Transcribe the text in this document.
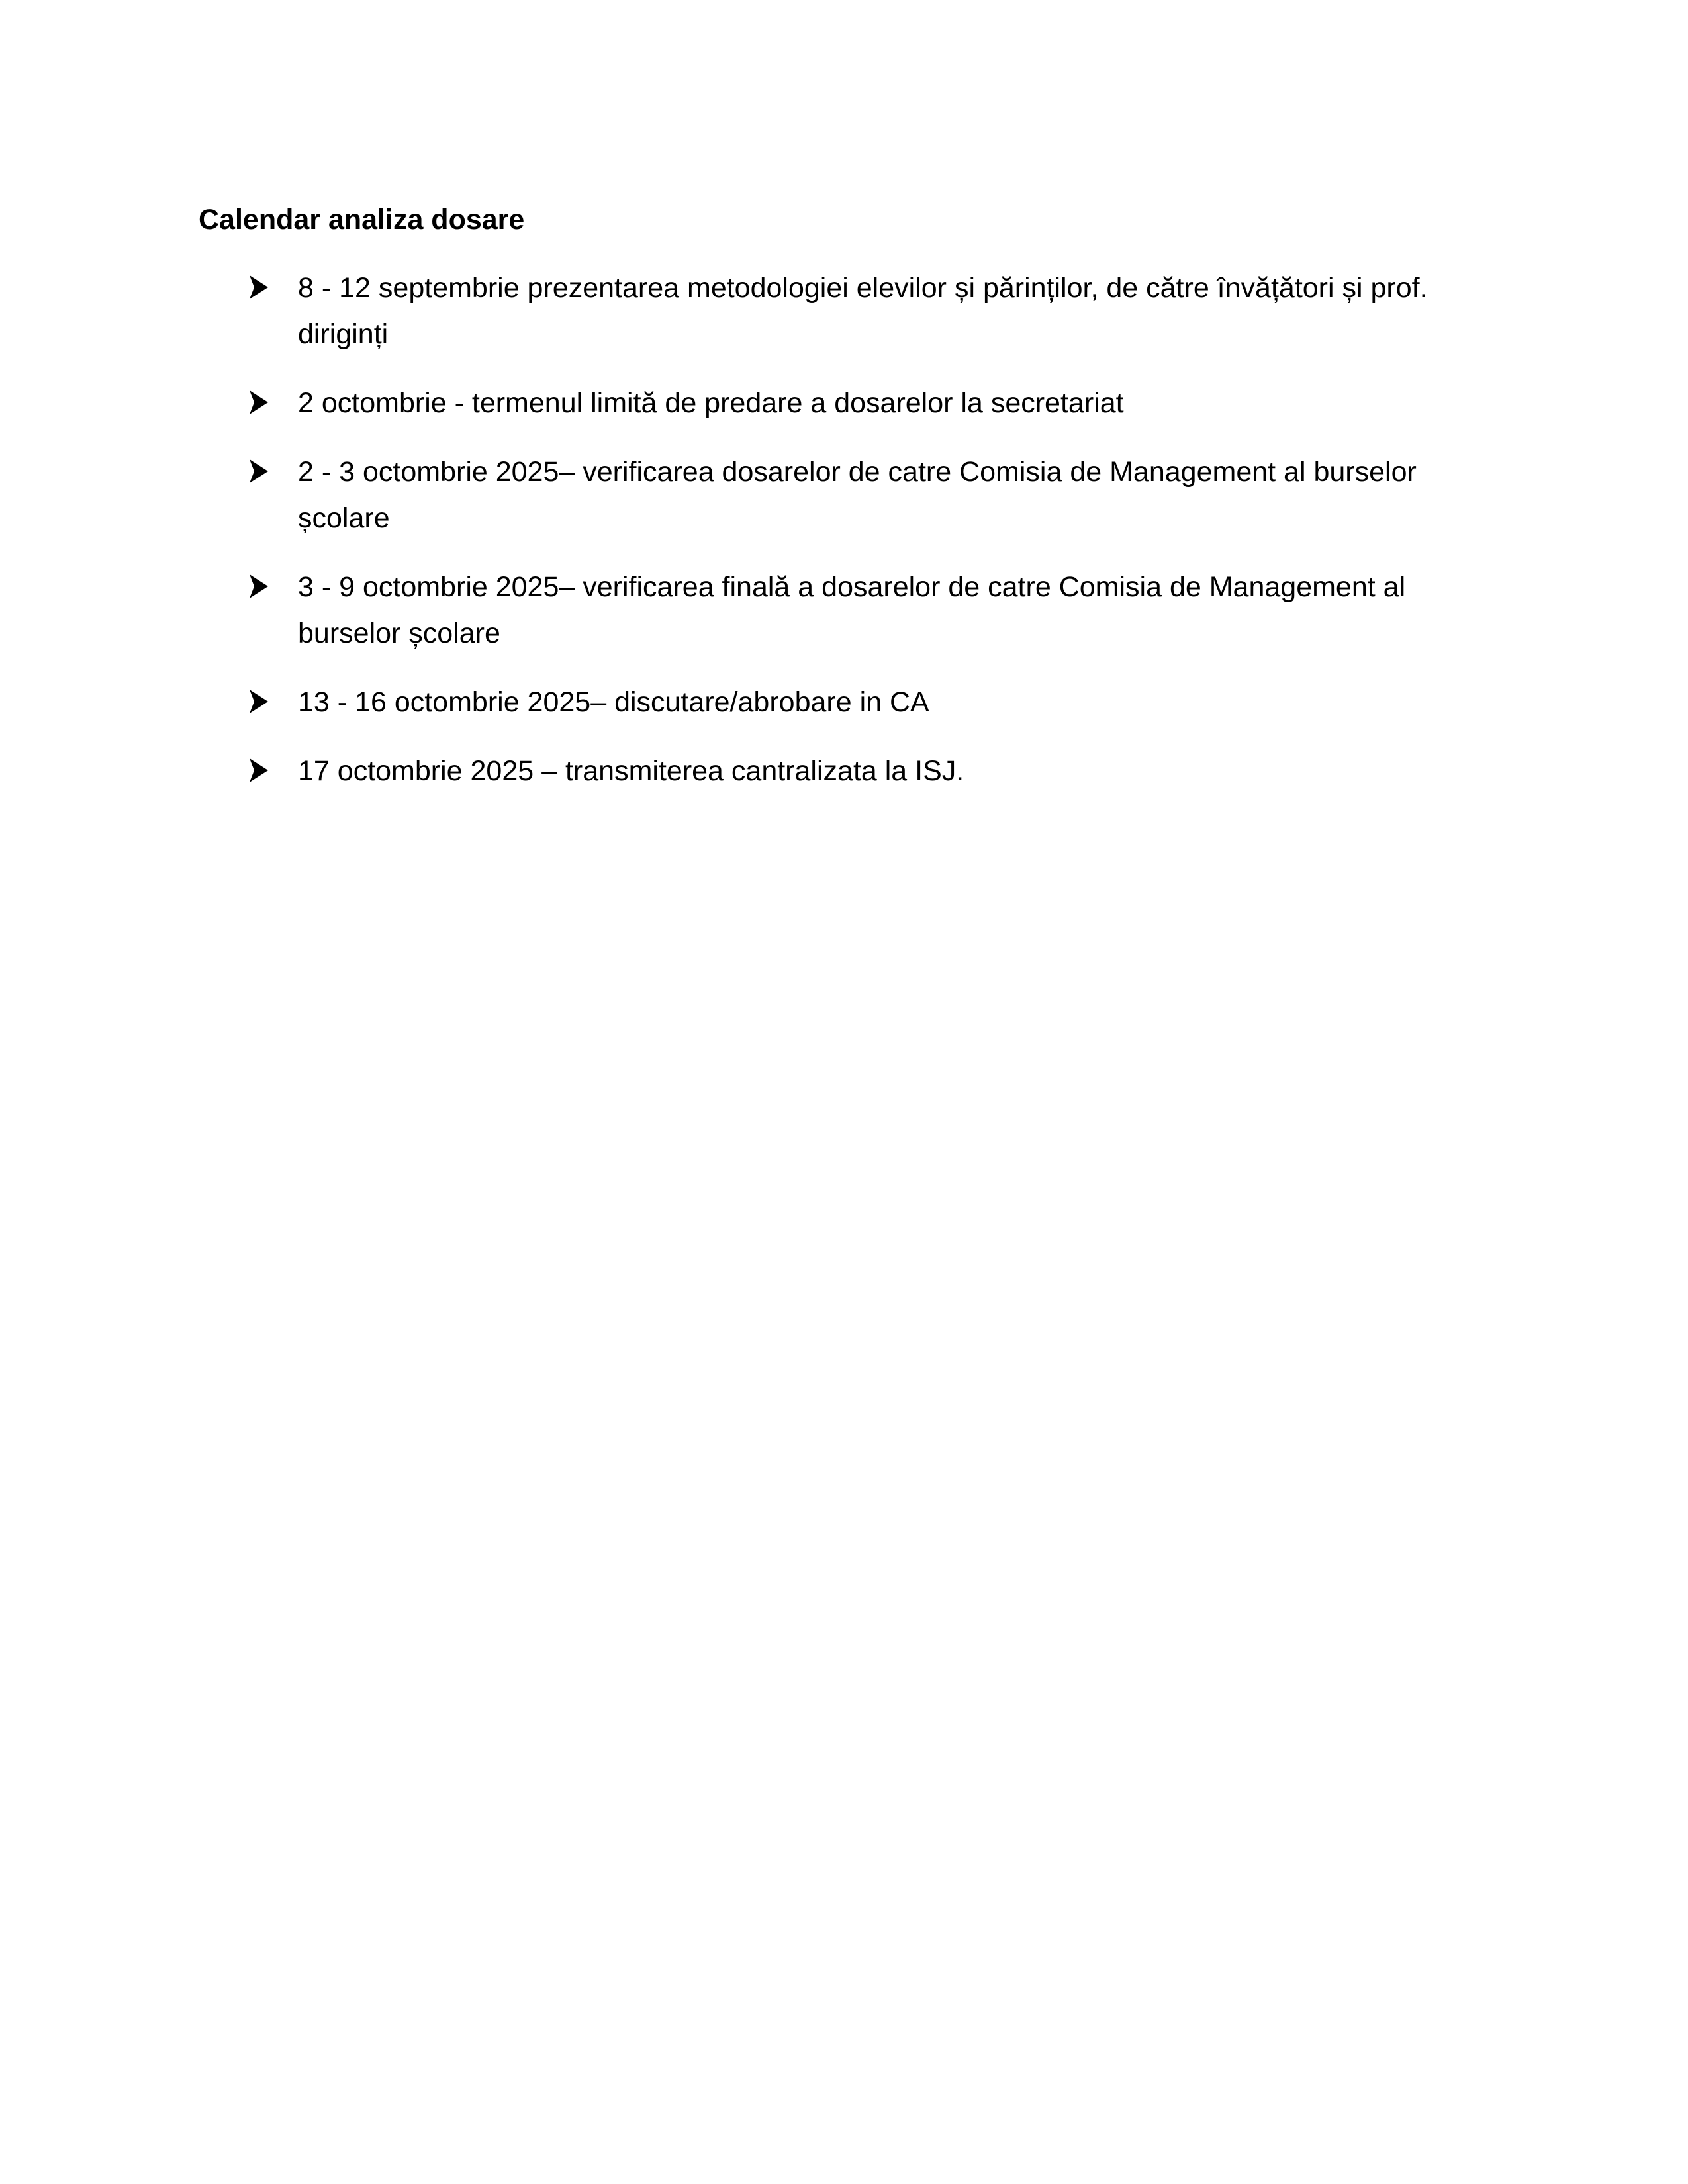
Calendar analiza dosare
8 - 12 septembrie prezentarea metodologiei elevilor și părinților, de către învățători și prof. diriginți
2 octombrie - termenul limită de predare a dosarelor la secretariat
2 - 3 octombrie 2025– verificarea dosarelor de catre Comisia de Management al burselor școlare
3 - 9 octombrie 2025– verificarea finală a dosarelor de catre Comisia de Management al burselor școlare
13 - 16 octombrie 2025– discutare/abrobare in CA
17 octombrie 2025 – transmiterea cantralizata la ISJ.
